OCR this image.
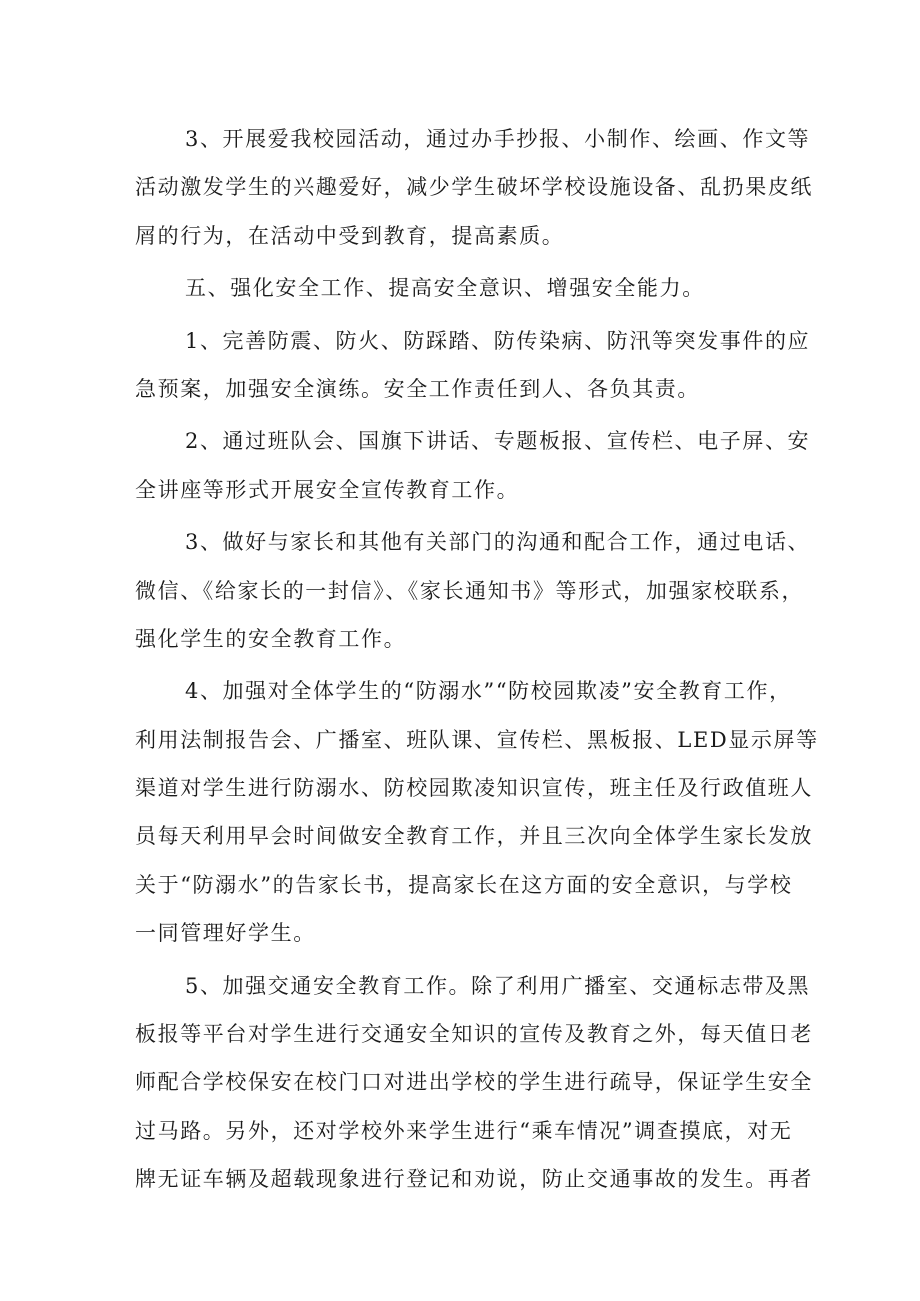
3、开展爱我校园活动，通过办手抄报、小制作、绘画、作文等
活动激发学生的兴趣爱好，减少学生破坏学校设施设备、乱扔果皮纸
屑的行为，在活动中受到教育，提高素质。
五、强化安全工作、提高安全意识、增强安全能力。
1、完善防震、防火、防踩踏、防传染病、防汛等突发事件的应
急预案，加强安全演练。安全工作责任到人、各负其责。
2、通过班队会、国旗下讲话、专题板报、宣传栏、电子屏、安
全讲座等形式开展安全宣传教育工作。
3、做好与家长和其他有关部门的沟通和配合工作，通过电话、
微信、《给家长的一封信》、《家长通知书》等形式，加强家校联系，
强化学生的安全教育工作。
4、加强对全体学生的“防溺水”“防校园欺凌”安全教育工作，
利用法制报告会、广播室、班队课、宣传栏、黑板报、LED显示屏等
渠道对学生进行防溺水、防校园欺凌知识宣传，班主任及行政值班人
员每天利用早会时间做安全教育工作，并且三次向全体学生家长发放
关于“防溺水”的告家长书，提高家长在这方面的安全意识，与学校
一同管理好学生。
5、加强交通安全教育工作。除了利用广播室、交通标志带及黑
板报等平台对学生进行交通安全知识的宣传及教育之外，每天值日老
师配合学校保安在校门口对进出学校的学生进行疏导，保证学生安全
过马路。另外，还对学校外来学生进行“乘车情况”调查摸底，对无
牌无证车辆及超载现象进行登记和劝说，防止交通事故的发生。再者
